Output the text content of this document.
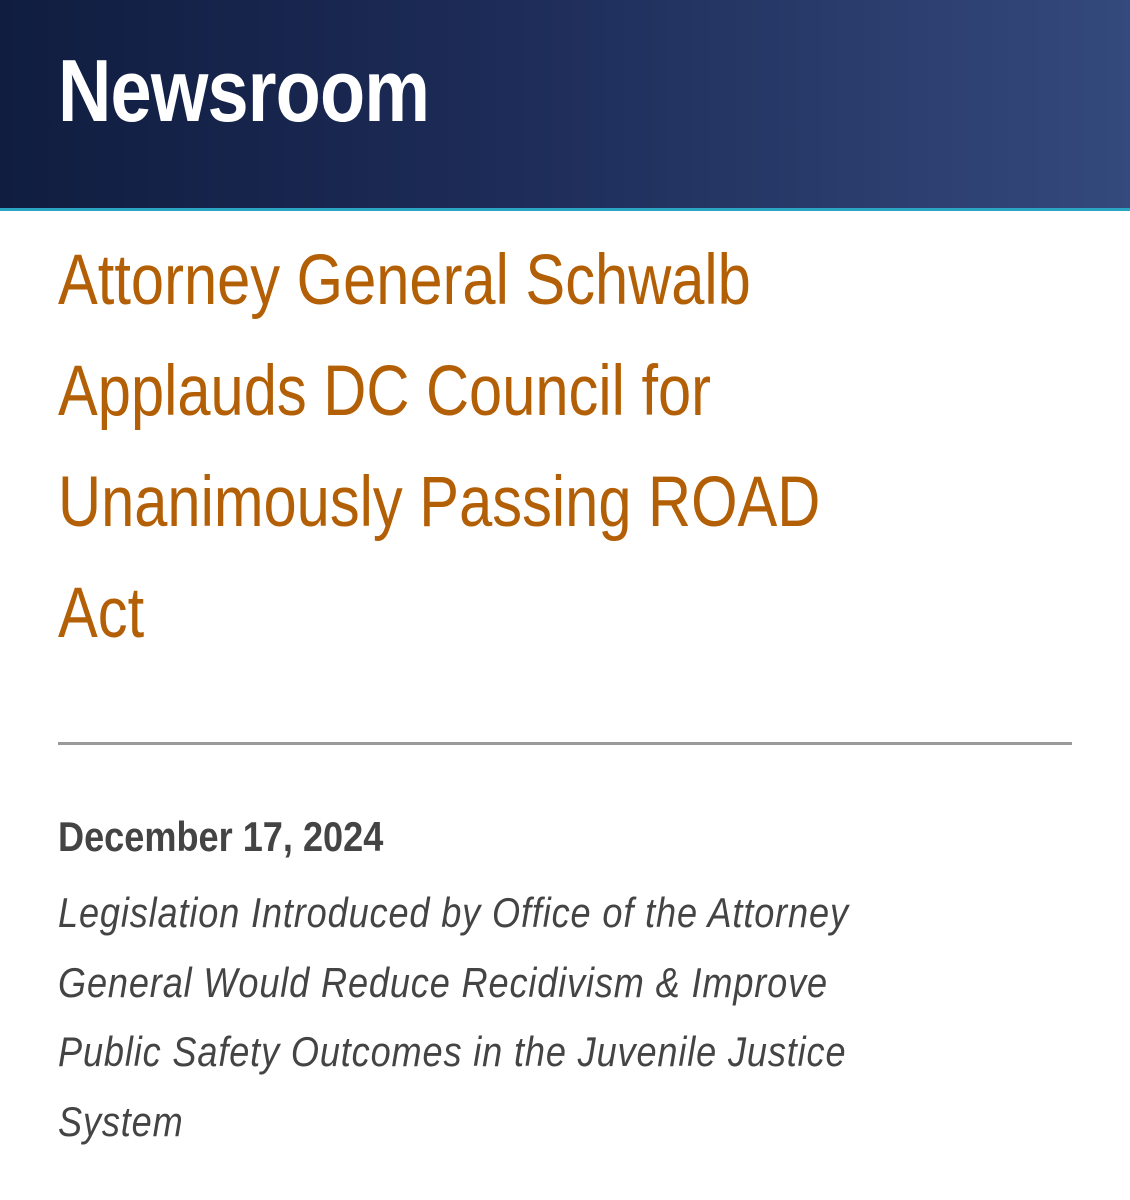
Newsroom
Attorney General Schwalb
Applauds DC Council for
Unanimously Passing ROAD
Act

December 17, 2024

Legislation Introduced by Office of the Attorney
General Would Reduce Recidivism & Improve
Public Safety Outcomes in the Juvenile Justice
System
